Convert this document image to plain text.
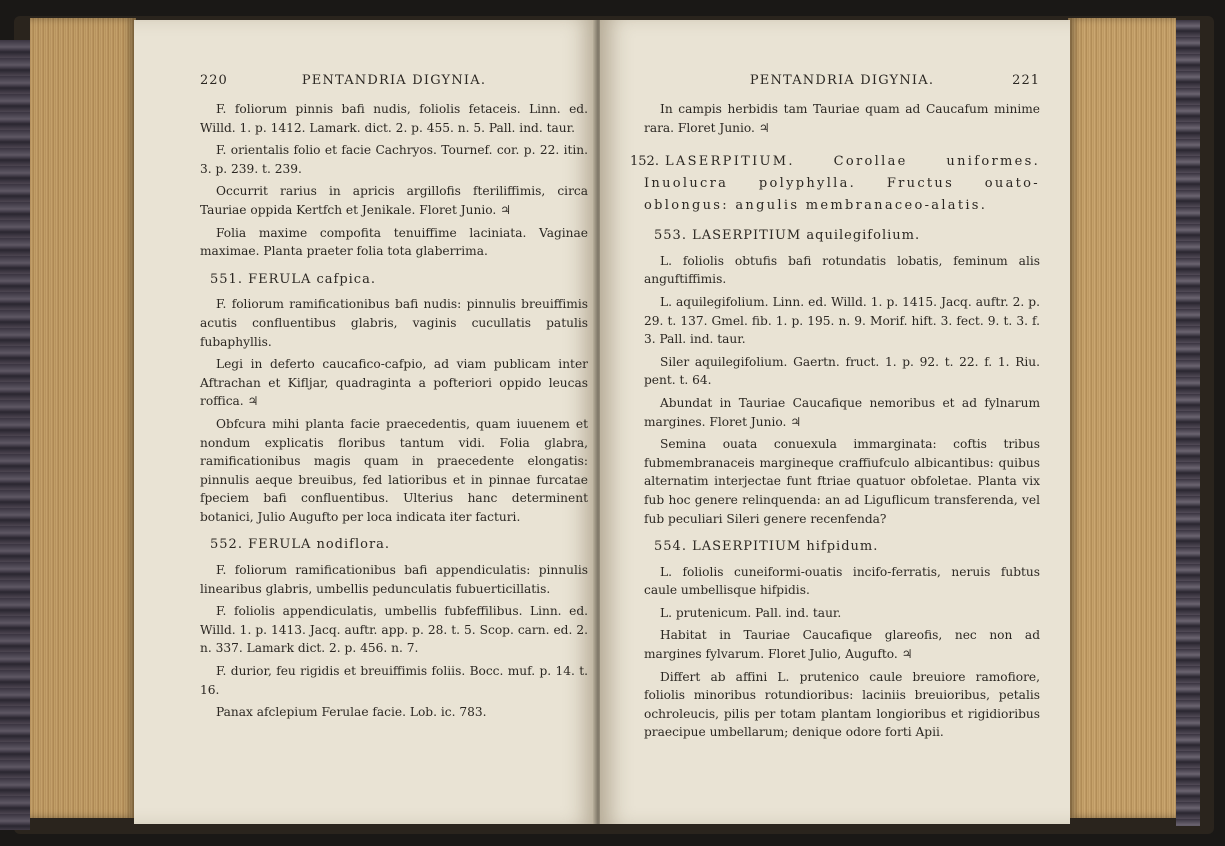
220	PENTANDRIA DIGYNIA.

F. foliorum pinnis bafi nudis, foliolis fetaceis. Linn. ed. Willd. 1. p. 1412. Lamark. dict. 2. p. 455. n. 5. Pall. ind. taur.

F. orientalis folio et facie Cachryos. Tournef. cor. p. 22. itin. 3. p. 239. t. 239.

Occurrit rarius in apricis argillofis fteriliffimis, circa Tauriae oppida Kertfch et Jenikale. Floret Junio. ♃

Folia maxime compofita tenuiffime laciniata. Vaginae maximae. Planta praeter folia tota glaberrima.

551. FERULA cafpica.

F. foliorum ramificationibus bafi nudis: pinnulis breuiffimis acutis confluentibus glabris, vaginis cucullatis patulis fubaphyllis.

Legi in deferto caucafico-cafpio, ad viam publicam inter Aftrachan et Kifljar, quadraginta a pofteriori oppido leucas roffica. ♃

Obfcura mihi planta facie praecedentis, quam iuuenem et nondum explicatis floribus tantum vidi. Folia glabra, ramificationibus magis quam in praecedente elongatis: pinnulis aeque breuibus, fed latioribus et in pinnae furcatae fpeciem bafi confluentibus. Ulterius hanc determinent botanici, Julio Augufto per loca indicata iter facturi.

552. FERULA nodiflora.

F. foliorum ramificationibus bafi appendiculatis: pinnulis linearibus glabris, umbellis pedunculatis fubuerticillatis.

F. foliolis appendiculatis, umbellis fubfeffilibus. Linn. ed. Willd. 1. p. 1413. Jacq. auftr. app. p. 28. t. 5. Scop. carn. ed. 2. n. 337. Lamark dict. 2. p. 456. n. 7.

F. durior, feu rigidis et breuiffimis foliis. Bocc. muf. p. 14. t. 16.

Panax afclepium Ferulae facie. Lob. ic. 783.

PENTANDRIA DIGYNIA.	221

In campis herbidis tam Tauriae quam ad Caucafum minime rara. Floret Junio. ♃

152. LASERPITIUM. Corollae uniformes. Inuolucra polyphylla. Fructus ouato-oblongus: angulis membranaceo-alatis.
553. LASERPITIUM aquilegifolium.

L. foliolis obtufis bafi rotundatis lobatis, feminum alis anguftiffimis.

L. aquilegifolium. Linn. ed. Willd. 1. p. 1415. Jacq. auftr. 2. p. 29. t. 137. Gmel. fib. 1. p. 195. n. 9. Morif. hift. 3. fect. 9. t. 3. f. 3. Pall. ind. taur.

Siler aquilegifolium. Gaertn. fruct. 1. p. 92. t. 22. f. 1. Riu. pent. t. 64.

Abundat in Tauriae Caucafique nemoribus et ad fylnarum margines. Floret Junio. ♃

Semina ouata conuexula immarginata: coftis tribus fubmembranaceis margineque craffiufculo albicantibus: quibus alternatim interjectae funt ftriae quatuor obfoletae. Planta vix fub hoc genere relinquenda: an ad Liguflicum transferenda, vel fub peculiari Sileri genere recenfenda?

554. LASERPITIUM hifpidum.

L. foliolis cuneiformi-ouatis incifo-ferratis, neruis fubtus caule umbellisque hifpidis.

L. prutenicum. Pall. ind. taur.

Habitat in Tauriae Caucafique glareofis, nec non ad margines fylvarum. Floret Julio, Augufto. ♃

Differt ab affini L. prutenico caule breuiore ramofiore, foliolis minoribus rotundioribus: laciniis breuioribus, petalis ochroleucis, pilis per totam plantam longioribus et rigidioribus praecipue umbellarum; denique odore forti Apii.
